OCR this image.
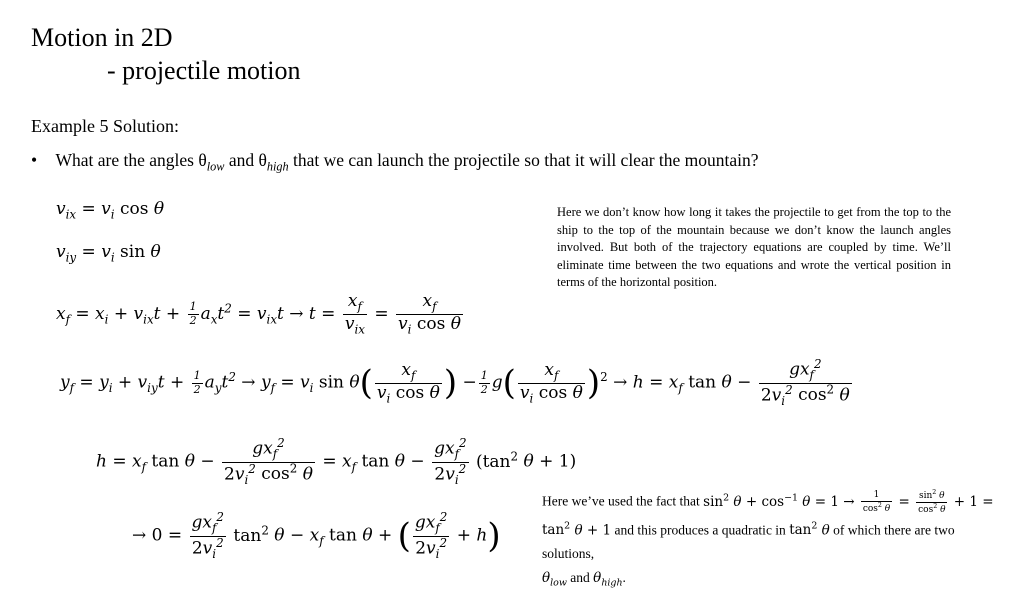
Motion in 2D
- projectile motion
Example 5 Solution:
• What are the angles $\theta_{low}$ and $\theta_{high}$ that we can launch the projectile so that it will clear the mountain?
$v_{ix} = v_i$ cos θ
$v_{iy} = v_i$ sin θ
$x_f = x_i + v_{ix}t + \frac{1}{2} a_xt^2 = v_{ix}t \to t = \frac{x_f}{v_{ix}} = \frac{x_f}{v_i \cos \theta}$
$y_f = y_i + v_{iy}t + \frac{1}{2} a_yt^2 \to y_f = v_i$ $\sin \theta( \frac{x_f}{v_i \cos \theta}$ ) − $\frac{1}{2} g( \frac{x_f}{v_i \cos \theta} )^2 \to h = x_f$ $\tan \theta - \frac{gx_f^2}{2v_i^2 \cos^2 \theta}$
$h = x_f$ $\tan \theta - \frac{gx_f^2}{2v_i^2 \cos^2 \theta} = x_f$ $\tan \theta - \frac{gx_f^2}{2v_i^2} (\tan^2$ θ + 1)
→ $0 = \frac{gx_f^2}{2v_i^2} \tan^2 \theta - x_f$ tan θ + ( $\frac{gx_f^2}{2v_i^2} + h$)
Here we don’t know how long it takes the projectile to get from the top to the ship to the top of the mountain because we don’t know the launch angles involved. But both of the trajectory equations are coupled by time. We’ll eliminate time between the two equations and wrote the vertical position in terms of the horizontal position.
Here we’ve used the fact that $\sin^2 \theta + \cos^{-1} \theta = 1 \to \frac{1}{\cos^2 \theta} = \frac{\sin^2 \theta}{\cos^2 \theta} + 1$ =
$\tan^2 \theta + 1$ and this produces a quadratic in $\tan^2 \theta$ of which there are two solutions,
$\theta_{low}$ and $\theta_{high}$.
